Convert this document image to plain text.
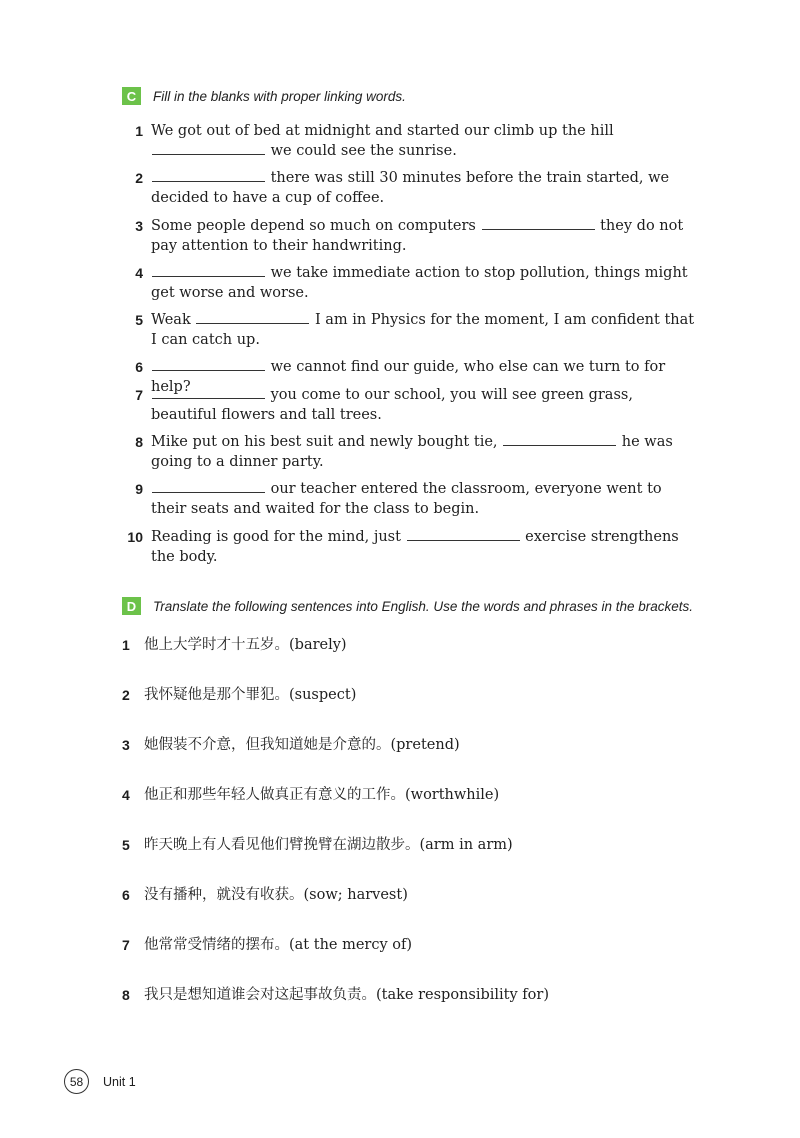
C	Fill in the blanks with proper linking words.
1 We got out of bed at midnight and started our climb up the hill
we could see the sunrise.
2	there was still 30 minutes before the train started, we decided to have a cup of coffee.
3 Some people depend so much on computers	they do not pay attention to their handwriting.
4	we take immediate action to stop pollution, things might get worse and worse.
5 Weak	I am in Physics for the moment, I am confident that I can catch up.
6	we cannot find our guide, who else can we turn to for help?
7	you come to our school, you will see green grass, beautiful flowers and tall trees.
8 Mike put on his best suit and newly bought tie,	he was going to a dinner party.
9	our teacher entered the classroom, everyone went to their seats and waited for the class to begin.
10 Reading is good for the mind, just	exercise strengthens the body.
D	Translate the following sentences into English. Use the words and phrases in the brackets.
1 他上大学时才十五岁。(barely)
2 我怀疑他是那个罪犯。(suspect)
3 她假装不介意，但我知道她是介意的。(pretend)
4 他正和那些年轻人做真正有意义的工作。(worthwhile)
5 昨天晚上有人看见他们臂挽臂在湖边散步。(arm in arm)
6 没有播种，就没有收获。(sow; harvest)
7 他常常受情绪的摆布。(at the mercy of)
8 我只是想知道谁会对这起事故负责。(take responsibility for)
58	Unit 1
